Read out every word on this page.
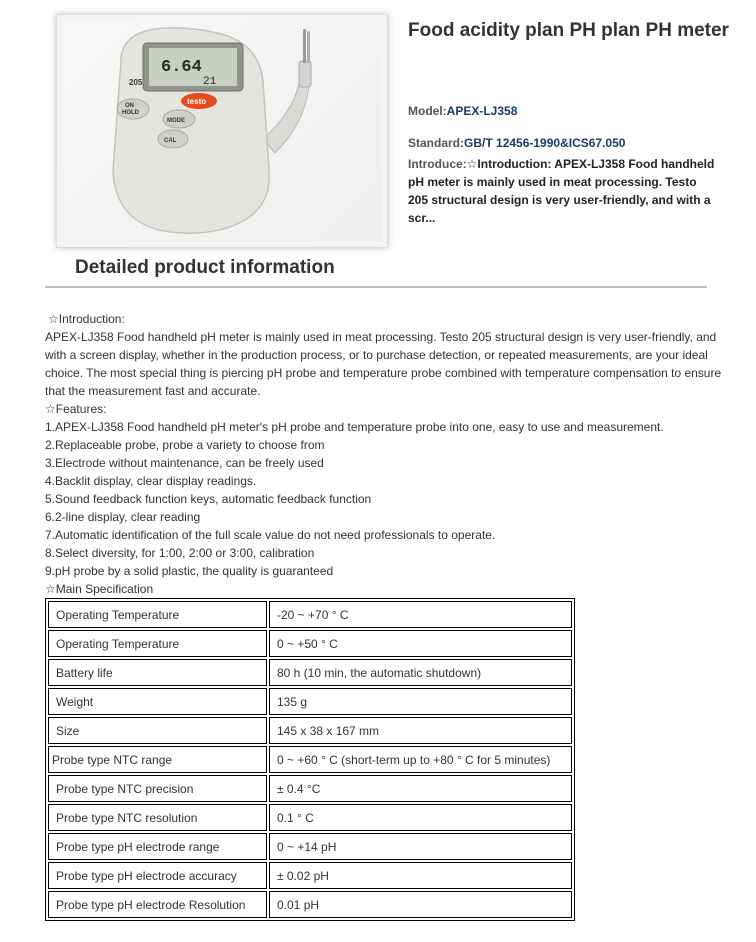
6.64
21
205
testo
ON
HOLD
MODE
CAL
Food acidity plan PH plan PH meter
Model:APEX-LJ358
Standard:GB/T 12456-1990&ICS67.050
Introduce:☆Introduction: APEX-LJ358 Food handheld pH meter is mainly used in meat processing. Testo 205 structural design is very user-friendly, and with a scr...
Detailed product information

☆Introduction:

APEX-LJ358 Food handheld pH meter is mainly used in meat processing. Testo 205 structural design is very user-friendly, and with a screen display, whether in the production process, or to purchase detection, or repeated measurements, are your ideal choice. The most special thing is piercing pH probe and temperature probe combined with temperature compensation to ensure that the measurement fast and accurate.

☆Features:

1.APEX-LJ358 Food handheld pH meter's pH probe and temperature probe into one, easy to use and measurement.

2.Replaceable probe, probe a variety to choose from

3.Electrode without maintenance, can be freely used

4.Backlit display, clear display readings.

5.Sound feedback function keys, automatic feedback function

6.2-line display, clear reading

7.Automatic identification of the full scale value do not need professionals to operate.

8.Select diversity, for 1:00, 2:00 or 3:00, calibration

9.pH probe by a solid plastic, the quality is guaranteed

☆Main Specification

Operating Temperature	-20 ~ +70 ° C
Operating Temperature	0 ~ +50 ° C
Battery life	80 h (10 min, the automatic shutdown)
Weight	135 g
Size	145 x 38 x 167 mm
Probe type NTC range	0 ~ +60 ° C (short-term up to +80 ° C for 5 minutes)
Probe type NTC precision	± 0.4 °C
Probe type NTC resolution	0.1 ° C
Probe type pH electrode range	0 ~ +14 pH
Probe type pH electrode accuracy	± 0.02 pH
Probe type pH electrode Resolution	0.01 pH
